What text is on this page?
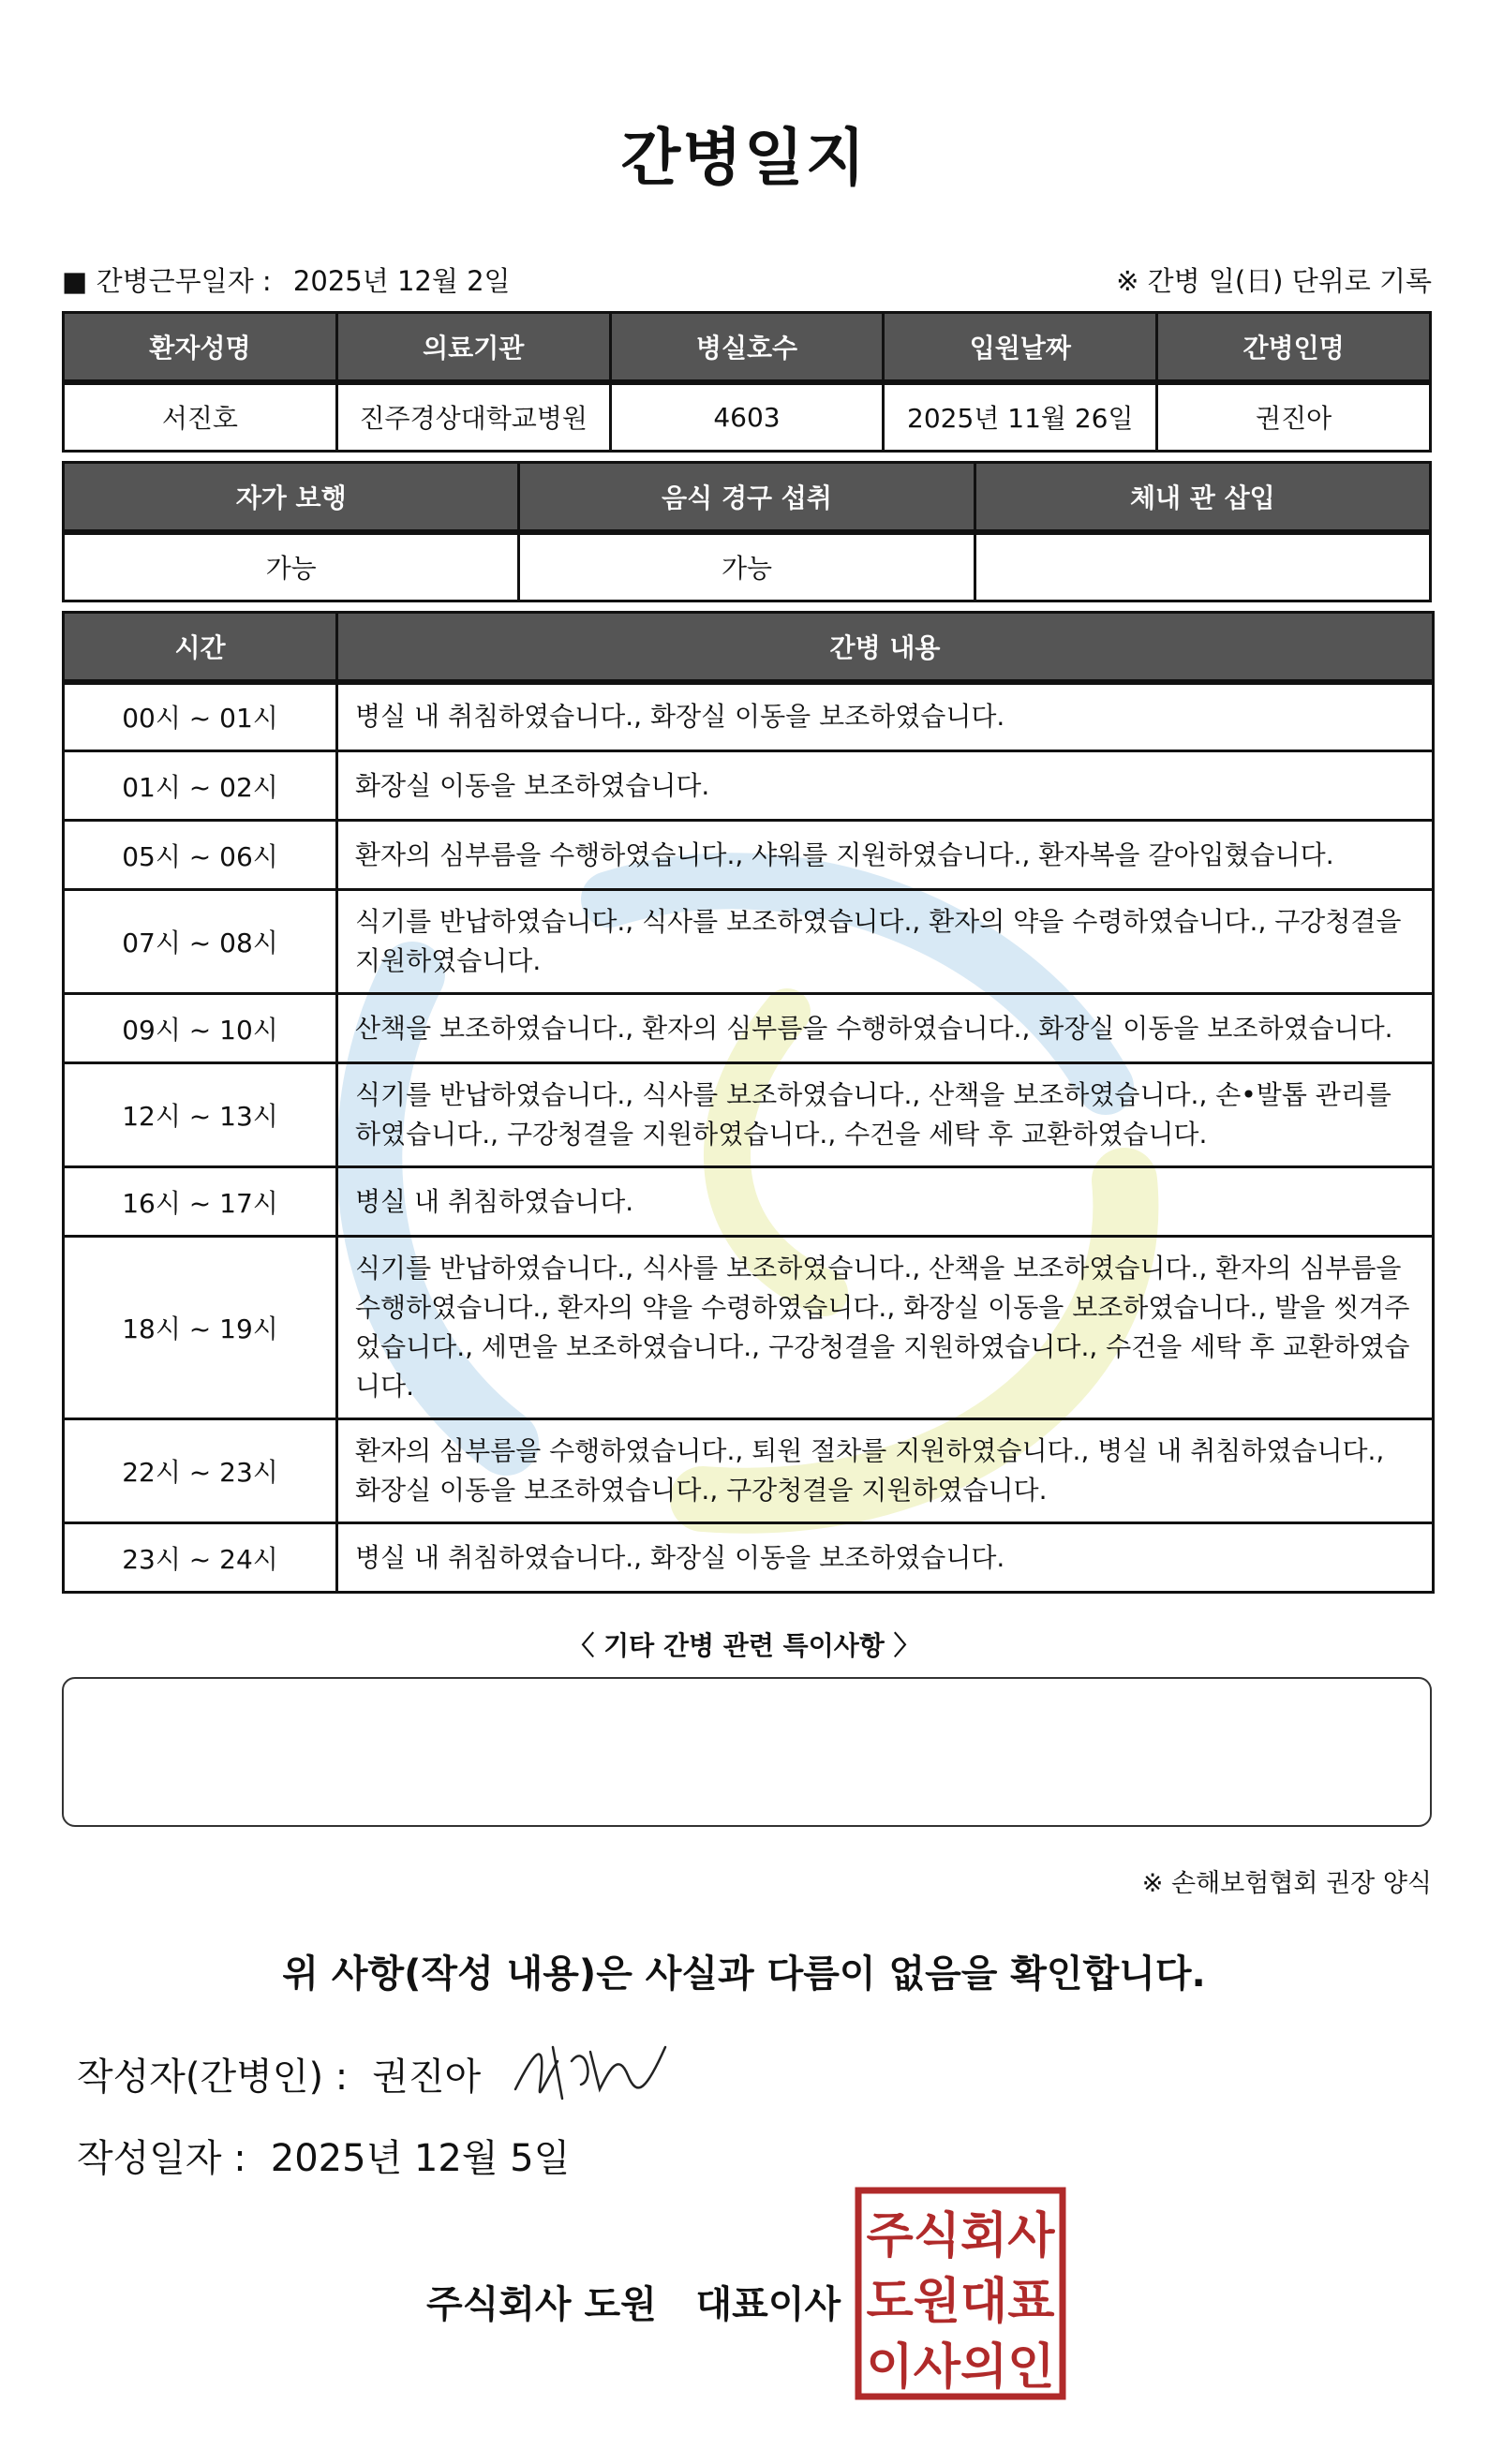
간병일지
■ 간병근무일자 : 2025년 12월 2일	※ 간병 일(日) 단위로 기록
환자성명	의료기관	병실호수	입원날짜	간병인명
서진호	진주경상대학교병원	4603	2025년 11월 26일	권진아
자가 보행	음식 경구 섭취	체내 관 삽입
가능	가능	
시간	간병 내용
00시 ~ 01시	병실 내 취침하였습니다., 화장실 이동을 보조하였습니다.
01시 ~ 02시	화장실 이동을 보조하였습니다.
05시 ~ 06시	환자의 심부름을 수행하였습니다., 샤워를 지원하였습니다., 환자복을 갈아입혔습니다.
07시 ~ 08시	식기를 반납하였습니다., 식사를 보조하였습니다., 환자의 약을 수령하였습니다., 구강청결을 지원하였습니다.
09시 ~ 10시	산책을 보조하였습니다., 환자의 심부름을 수행하였습니다., 화장실 이동을 보조하였습니다.
12시 ~ 13시	식기를 반납하였습니다., 식사를 보조하였습니다., 산책을 보조하였습니다., 손•발톱 관리를 하였습니다., 구강청결을 지원하였습니다., 수건을 세탁 후 교환하였습니다.
16시 ~ 17시	병실 내 취침하였습니다.
18시 ~ 19시	식기를 반납하였습니다., 식사를 보조하였습니다., 산책을 보조하였습니다., 환자의 심부름을 수행하였습니다., 환자의 약을 수령하였습니다., 화장실 이동을 보조하였습니다., 발을 씻겨주었습니다., 세면을 보조하였습니다., 구강청결을 지원하였습니다., 수건을 세탁 후 교환하였습니다.
22시 ~ 23시	환자의 심부름을 수행하였습니다., 퇴원 절차를 지원하였습니다., 병실 내 취침하였습니다., 화장실 이동을 보조하였습니다., 구강청결을 지원하였습니다.
23시 ~ 24시	병실 내 취침하였습니다., 화장실 이동을 보조하였습니다.
〈 기타 간병 관련 특이사항 〉
※ 손해보험협회 권장 양식
위 사항(작성 내용)은 사실과 다름이 없음을 확인합니다.
작성자(간병인) : 권진아
작성일자 : 2025년 12월 5일
주식회사 도원   대표이사
주식회사
도원대표
이사의인
